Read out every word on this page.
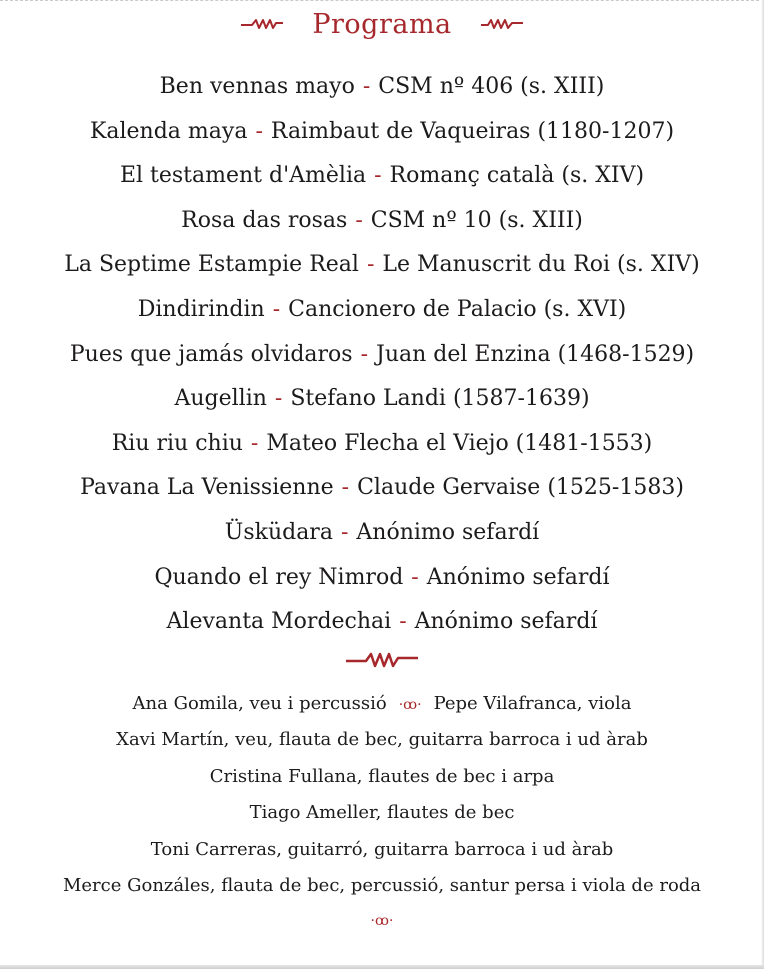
Programa
Ben vennas mayo - CSM nº 406 (s. XIII)
Kalenda maya - Raimbaut de Vaqueiras (1180-1207)
El testament d'Amèlia - Romanç català (s. XIV)
Rosa das rosas - CSM nº 10 (s. XIII)
La Septime Estampie Real - Le Manuscrit du Roi (s. XIV)
Dindirindin - Cancionero de Palacio (s. XVI)
Pues que jamás olvidaros - Juan del Enzina (1468-1529)
Augellin - Stefano Landi (1587-1639)
Riu riu chiu - Mateo Flecha el Viejo (1481-1553)
Pavana La Venissienne - Claude Gervaise (1525-1583)
Üsküdara - Anónimo sefardí
Quando el rey Nimrod - Anónimo sefardí
Alevanta Mordechai - Anónimo sefardí
Ana Gomila, veu i percussió ·ꝏ· Pepe Vilafranca, viola
Xavi Martín, veu, flauta de bec, guitarra barroca i ud àrab
Cristina Fullana, flautes de bec i arpa
Tiago Ameller, flautes de bec
Toni Carreras, guitarró, guitarra barroca i ud àrab
Merce Gonzáles, flauta de bec, percussió, santur persa i viola de roda
·ꝏ·
